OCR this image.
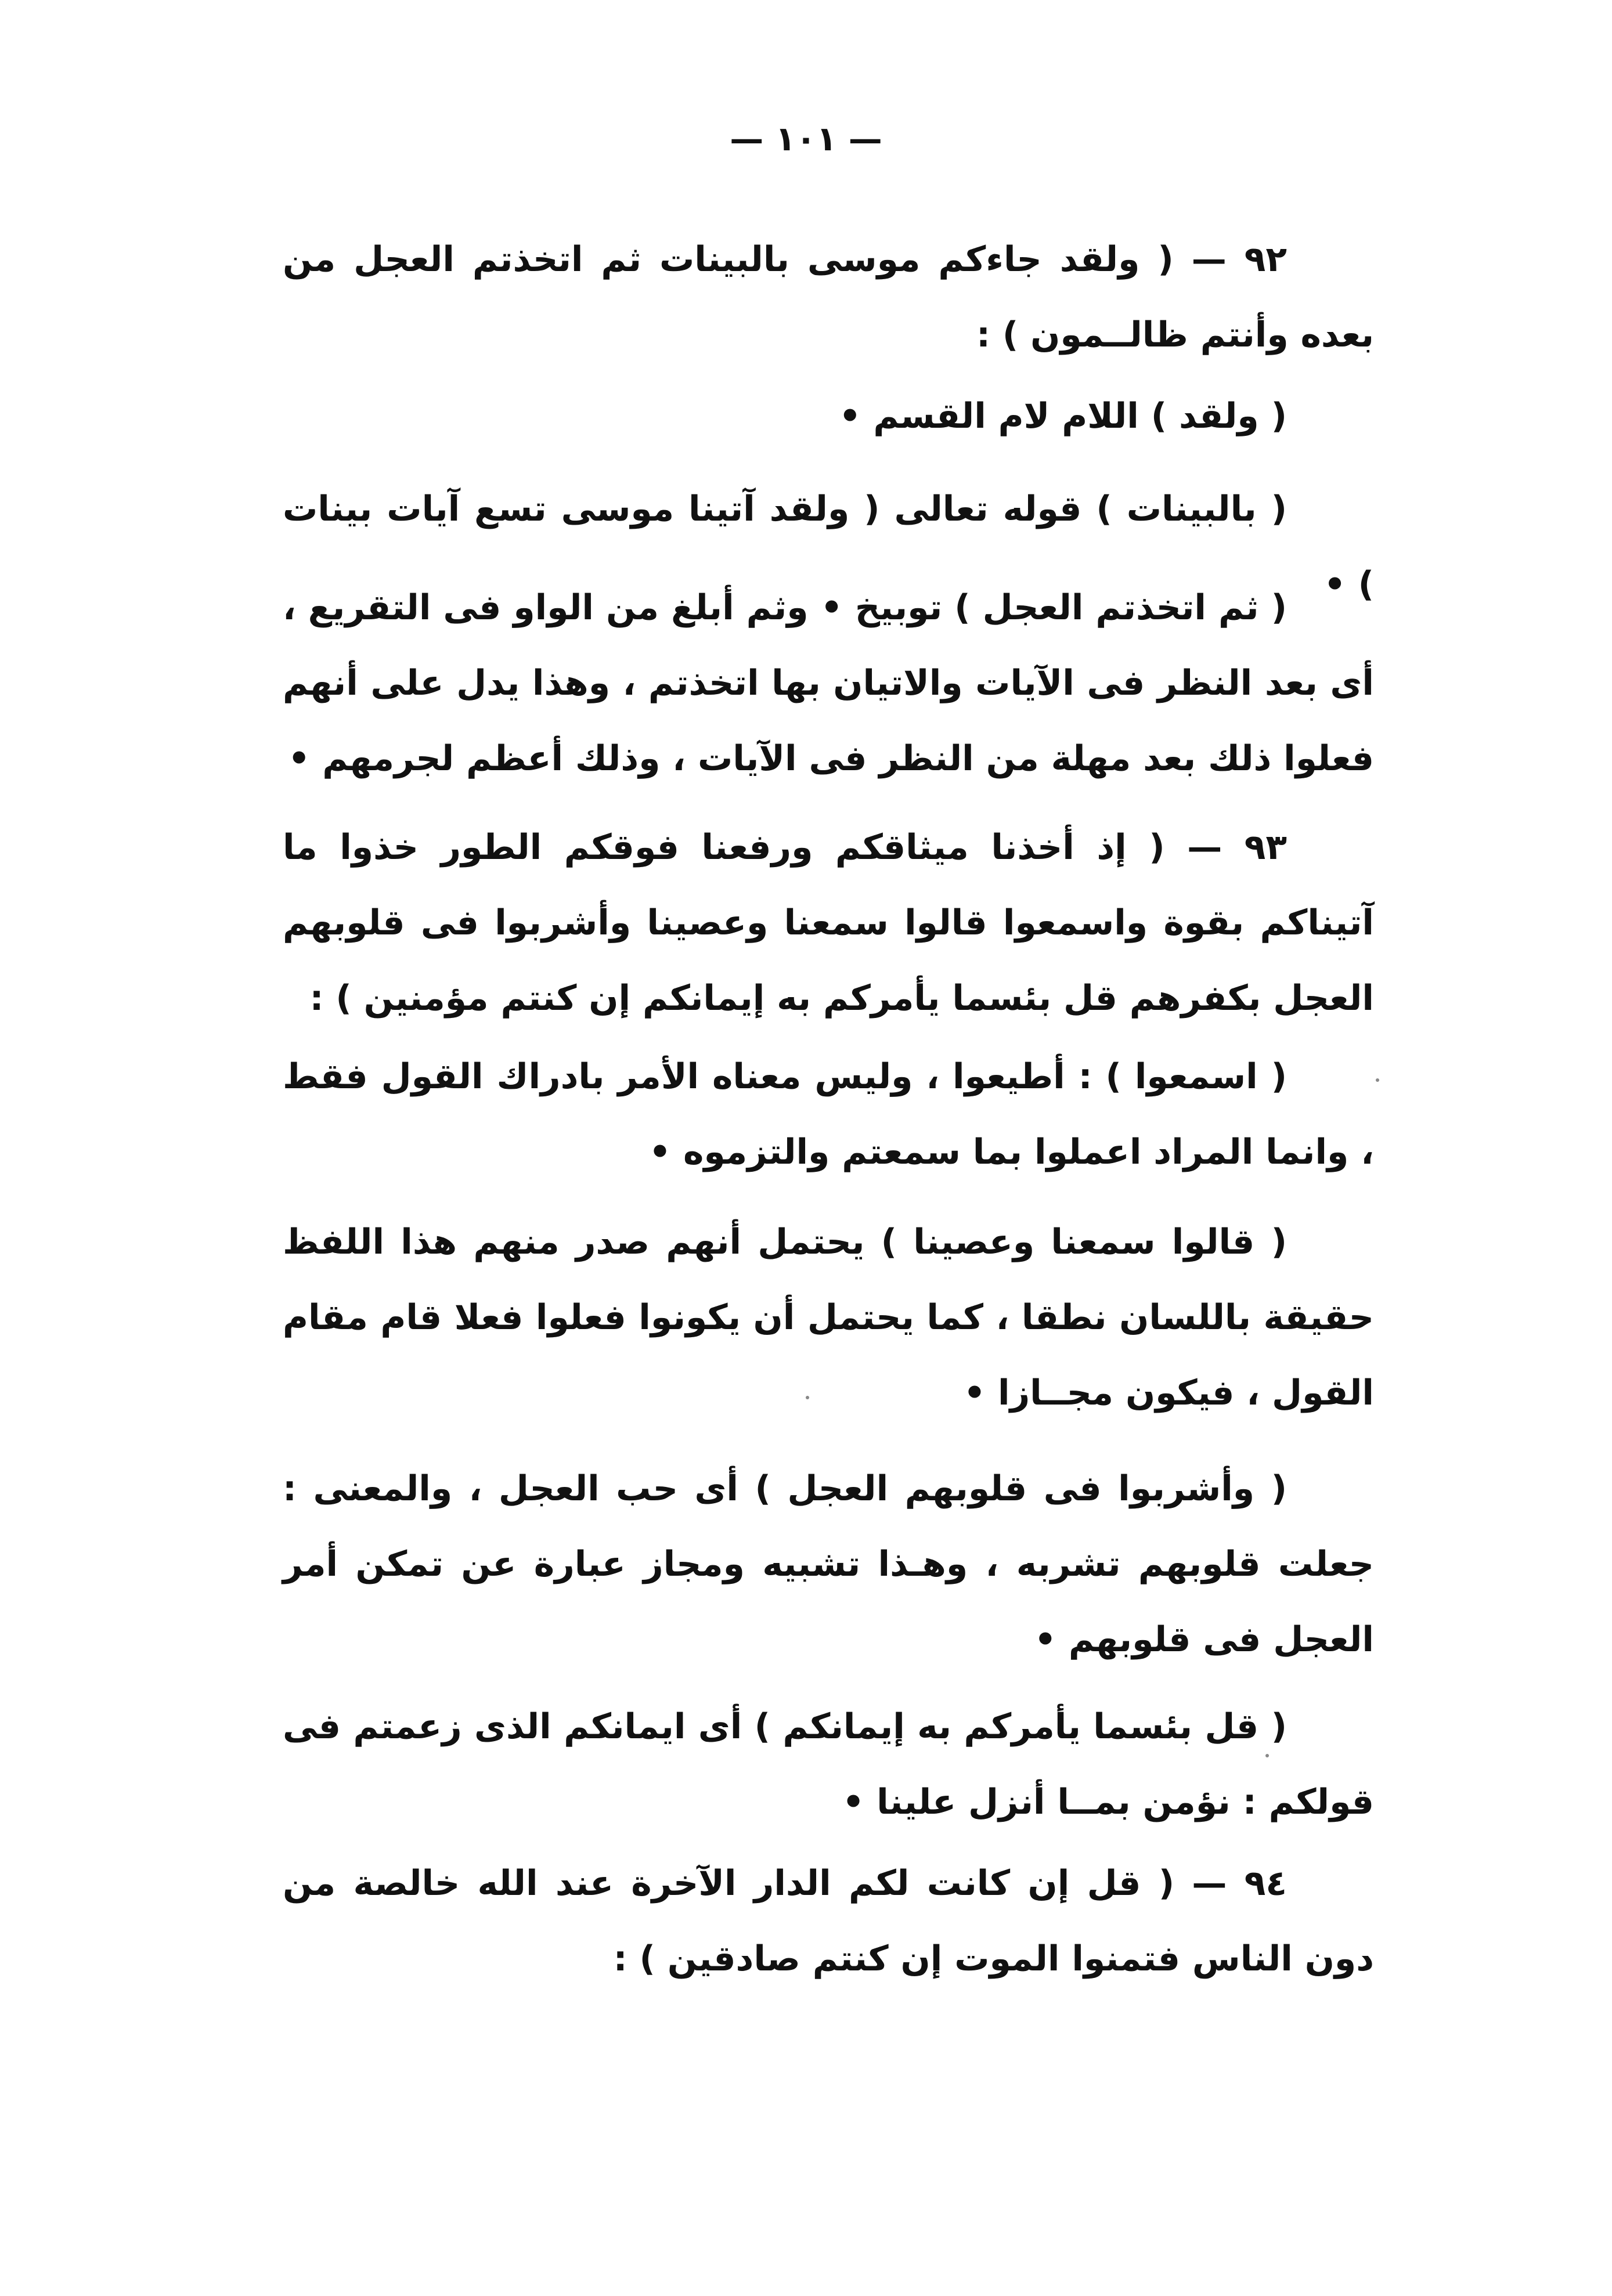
— ١٠١ —
٩٢ — ( ولقد جاءكم موسى بالبينات ثم اتخذتم العجل من بعده وأنتم ظالــمون ) :
( ولقد ) اللام لام القسم •
( بالبينات ) قوله تعالى ( ولقد آتينا موسى تسع آيات بينات ) •
( ثم اتخذتم العجل ) توبيخ • وثم أبلغ من الواو فى التقريع ، أى بعد النظر فى الآيات والاتيان بها اتخذتم ، وهذا يدل على أنهم فعلوا ذلك بعد مهلة من النظر فى الآيات ، وذلك أعظم لجرمهم •
٩٣ — ( إذ أخذنا ميثاقكم ورفعنا فوقكم الطور خذوا ما آتيناكم بقوة واسمعوا قالوا سمعنا وعصينا وأشربوا فى قلوبهم العجل بكفرهم قل بئسما يأمركم به إيمانكم إن كنتم مؤمنين ) :
( اسمعوا ) : أطيعوا ، وليس معناه الأمر بادراك القول فقط ، وانما المراد اعملوا بما سمعتم والتزموه •
( قالوا سمعنا وعصينا ) يحتمل أنهم صدر منهم هذا اللفظ حقيقة باللسان نطقا ، كما يحتمل أن يكونوا فعلوا فعلا قام مقام القول ، فيكون مجــازا •
( وأشربوا فى قلوبهم العجل ) أى حب العجل ، والمعنى : جعلت قلوبهم تشربه ، وهـذا تشبيه ومجاز عبارة عن تمكن أمر العجل فى قلوبهم •
( قل بئسما يأمركم به إيمانكم ) أى ايمانكم الذى زعمتم فى قولكم : نؤمن بمــا أنزل علينا •
٩٤ — ( قل إن كانت لكم الدار الآخرة عند الله خالصة من دون الناس فتمنوا الموت إن كنتم صادقين ) :
